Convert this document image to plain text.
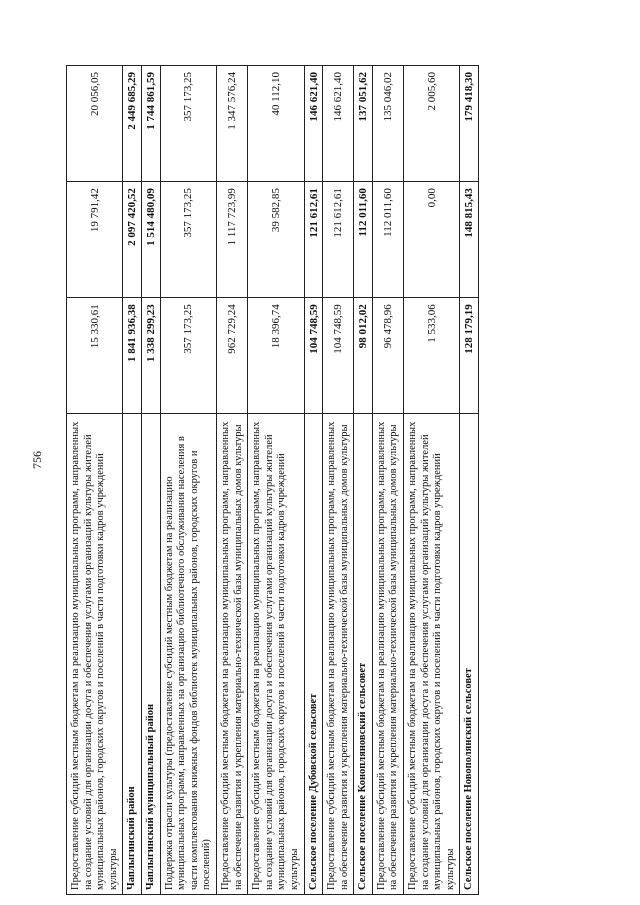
756 Предоставление субсидий местным бюджетам на реализацию муниципальных программ, направленных на создание условий для организации досуга и обеспечения услугами организаций культуры жителей муниципальных районов, городских округов и поселений в части подготовки кадров учреждений культуры	15 330,61	19 791,42	20 056,05
Чаплыгинский район	1 841 936,38	2 097 420,52	2 449 685,29
Чаплыгинский муниципальный район	1 338 299,23	1 514 480,09	1 744 861,59
Поддержка отрасли культуры (предоставление субсидий местным бюджетам на реализацию муниципальных программ, направленных на организацию библиотечного обслуживания населения в части комплектования книжных фондов библиотек муниципальных районов, городских округов и поселений)	357 173,25	357 173,25	357 173,25
Предоставление субсидий местным бюджетам на реализацию муниципальных программ, направленных на обеспечение развития и укрепления материально-технической базы муниципальных домов культуры	962 729,24	1 117 723,99	1 347 576,24
Предоставление субсидий местным бюджетам на реализацию муниципальных программ, направленных на создание условий для организации досуга и обеспечения услугами организаций культуры жителей муниципальных районов, городских округов и поселений в части подготовки кадров учреждений культуры	18 396,74	39 582,85	40 112,10
Сельское поселение Дубовской сельсовет	104 748,59	121 612,61	146 621,40
Предоставление субсидий местным бюджетам на реализацию муниципальных программ, направленных на обеспечение развития и укрепления материально-технической базы муниципальных домов культуры	104 748,59	121 612,61	146 621,40
Сельское поселение Конопляновский сельсовет	98 012,02	112 011,60	137 051,62
Предоставление субсидий местным бюджетам на реализацию муниципальных программ, направленных на обеспечение развития и укрепления материально-технической базы муниципальных домов культуры	96 478,96	112 011,60	135 046,02
Предоставление субсидий местным бюджетам на реализацию муниципальных программ, направленных на создание условий для организации досуга и обеспечения услугами организаций культуры жителей муниципальных районов, городских округов и поселений в части подготовки кадров учреждений культуры	1 533,06	0,00	2 005,60
Сельское поселение Новополянский сельсовет	128 179,19	148 815,43	179 418,30
